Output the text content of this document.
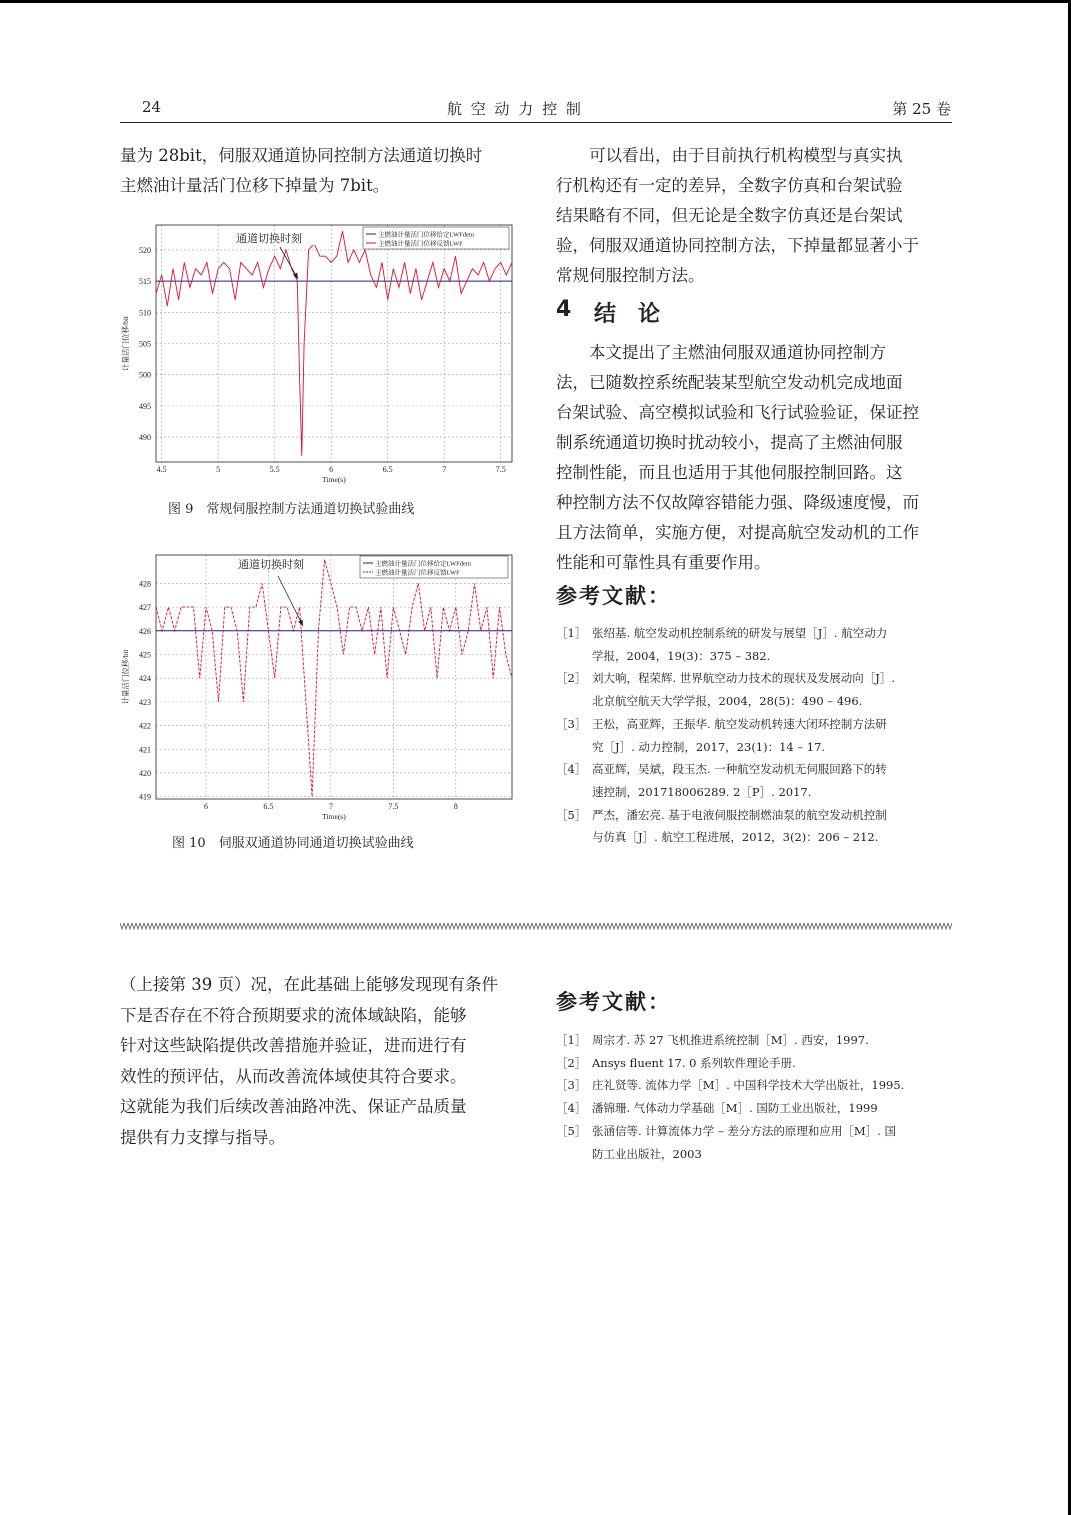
24	航 空 动 力 控 制	第 25 卷
量为 28bit，伺服双通道协同控制方法通道切换时
主燃油计量活门位移下掉量为 7bit。
490
495
500
505
510
515
520
4.5	5	5.5	6	6.5	7	7.5
Time(s)
计量活门位移/bit
主燃油计量活门位移给定LWFdem
主燃油计量活门位移反馈LWF
通道切换时刻
图 9　常规伺服控制方法通道切换试验曲线
419
420
421
422
423
424
425
426
427
428
6	6.5	7	7.5	8
Time(s)
计量活门位移/bit
主燃油计量活门位移给定LWFdem
主燃油计量活门位移反馈LWF
通道切换时刻
图 10　伺服双通道协同通道切换试验曲线
可以看出，由于目前执行机构模型与真实执
行机构还有一定的差异，全数字仿真和台架试验
结果略有不同，但无论是全数字仿真还是台架试
验，伺服双通道协同控制方法，下掉量都显著小于
常规伺服控制方法。
4 结　论
本文提出了主燃油伺服双通道协同控制方
法，已随数控系统配装某型航空发动机完成地面
台架试验、高空模拟试验和飞行试验验证，保证控
制系统通道切换时扰动较小，提高了主燃油伺服
控制性能，而且也适用于其他伺服控制回路。这
种控制方法不仅故障容错能力强、降级速度慢，而
且方法简单，实施方便，对提高航空发动机的工作
性能和可靠性具有重要作用。
参考文献：
［1］ 张绍基. 航空发动机控制系统的研发与展望［J］. 航空动力
学报，2004，19(3)：375 – 382.
［2］ 刘大响，程荣辉. 世界航空动力技术的现状及发展动向［J］.
北京航空航天大学学报，2004，28(5)：490 – 496.
［3］ 王松，高亚辉，王振华. 航空发动机转速大闭环控制方法研
究［J］. 动力控制，2017，23(1)：14 – 17.
［4］ 高亚辉，吴斌，段玉杰. 一种航空发动机无伺服回路下的转
速控制，201718006289. 2［P］. 2017.
［5］ 严杰，潘宏亮. 基于电液伺服控制燃油泵的航空发动机控制
与仿真［J］. 航空工程进展，2012，3(2)：206 – 212.
（上接第 39 页）况，在此基础上能够发现现有条件
下是否存在不符合预期要求的流体域缺陷，能够
针对这些缺陷提供改善措施并验证，进而进行有
效性的预评估，从而改善流体域使其符合要求。
这就能为我们后续改善油路冲洗、保证产品质量
提供有力支撑与指导。
参考文献：
［1］ 周宗才. 苏 27 飞机推进系统控制［M］. 西安，1997.
［2］ Ansys fluent 17. 0 系列软件理论手册.
［3］ 庄礼贤等. 流体力学［M］. 中国科学技术大学出版社，1995.
［4］ 潘锦珊. 气体动力学基础［M］. 国防工业出版社，1999
［5］ 张涵信等. 计算流体力学 – 差分方法的原理和应用［M］. 国
防工业出版社，2003
